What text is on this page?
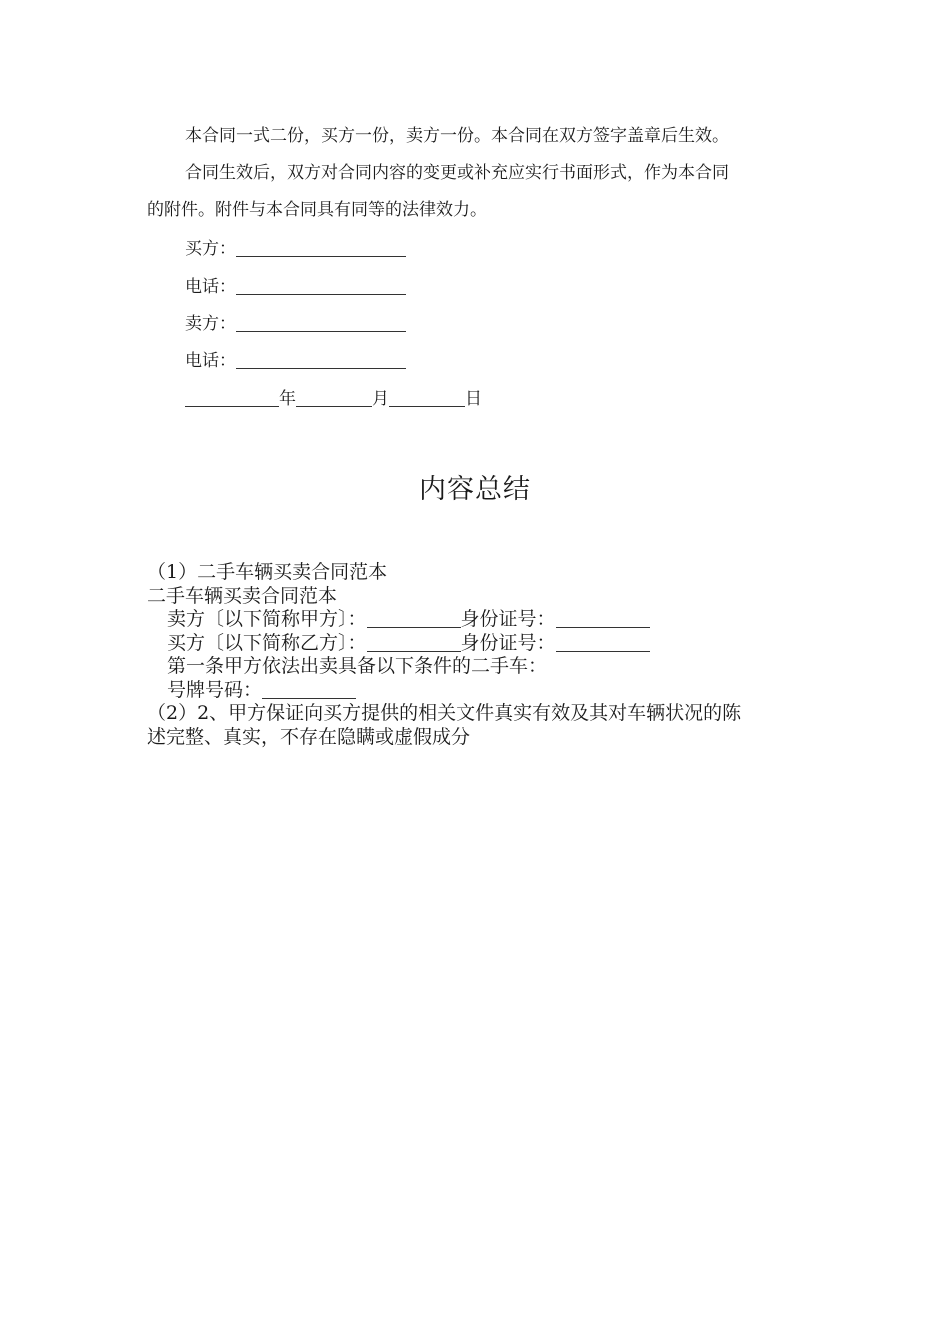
本合同一式二份，买方一份，卖方一份。本合同在双方签字盖章后生效。
合同生效后，双方对合同内容的变更或补充应实行书面形式，作为本合同
的附件。附件与本合同具有同等的法律效力。
买方：
电话：
卖方：
电话：
年	月	日
内容总结
（1）二手车辆买卖合同范本
二手车辆买卖合同范本
卖方〔以下简称甲方〕：	身份证号：
买方〔以下简称乙方〕：	身份证号：
第一条甲方依法出卖具备以下条件的二手车：
号牌号码：
（2）2、甲方保证向买方提供的相关文件真实有效及其对车辆状况的陈
述完整、真实，不存在隐瞒或虚假成分
